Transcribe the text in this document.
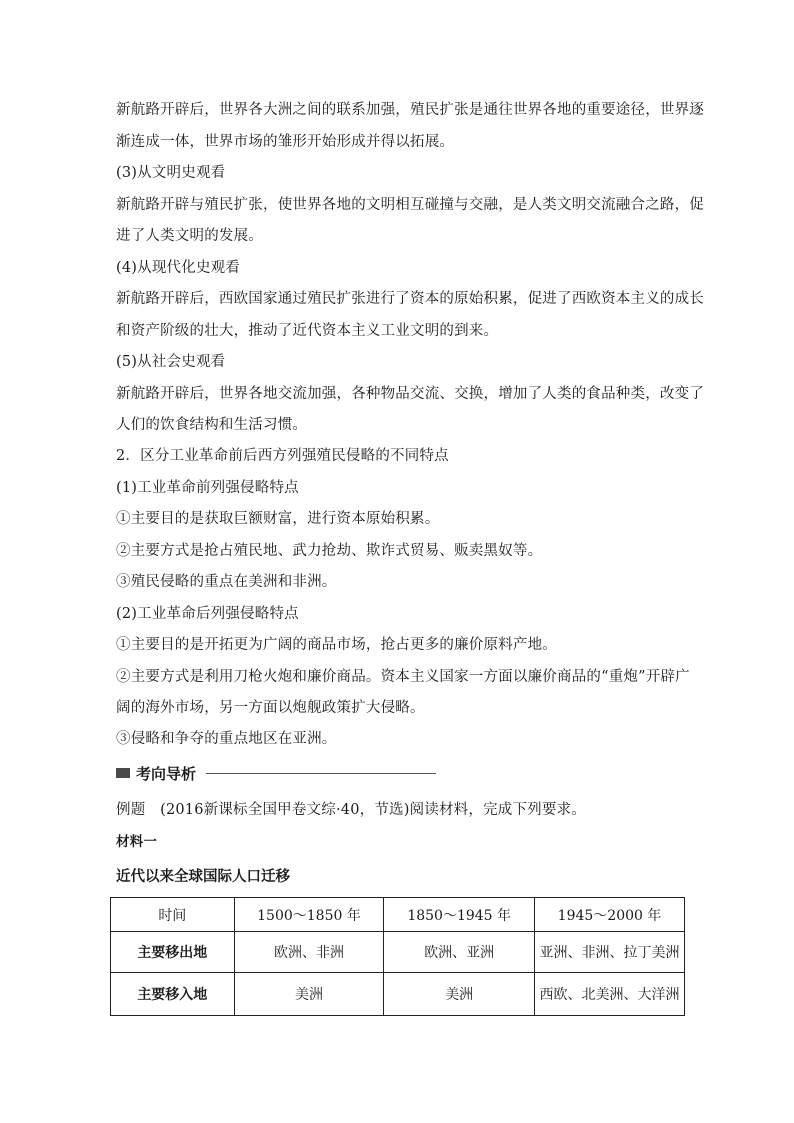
新航路开辟后，世界各大洲之间的联系加强，殖民扩张是通往世界各地的重要途径，世界逐
渐连成一体，世界市场的雏形开始形成并得以拓展。
(3)从文明史观看
新航路开辟与殖民扩张，使世界各地的文明相互碰撞与交融，是人类文明交流融合之路，促
进了人类文明的发展。
(4)从现代化史观看
新航路开辟后，西欧国家通过殖民扩张进行了资本的原始积累，促进了西欧资本主义的成长
和资产阶级的壮大，推动了近代资本主义工业文明的到来。
(5)从社会史观看
新航路开辟后，世界各地交流加强，各种物品交流、交换，增加了人类的食品种类，改变了
人们的饮食结构和生活习惯。
2．区分工业革命前后西方列强殖民侵略的不同特点
(1)工业革命前列强侵略特点
①主要目的是获取巨额财富，进行资本原始积累。
②主要方式是抢占殖民地、武力抢劫、欺诈式贸易、贩卖黑奴等。
③殖民侵略的重点在美洲和非洲。
(2)工业革命后列强侵略特点
①主要目的是开拓更为广阔的商品市场，抢占更多的廉价原料产地。
②主要方式是利用刀枪火炮和廉价商品。资本主义国家一方面以廉价商品的“重炮”开辟广
阔的海外市场，另一方面以炮舰政策扩大侵略。
③侵略和争夺的重点地区在亚洲。
考向导析
例题　(2016新课标全国甲卷文综·40，节选)阅读材料，完成下列要求。
材料一
近代以来全球国际人口迁移
时间	1500～1850 年	1850～1945 年	1945～2000 年
主要移出地	欧洲、非洲	欧洲、亚洲	亚洲、非洲、拉丁美洲
主要移入地	美洲	美洲	西欧、北美洲、大洋洲
